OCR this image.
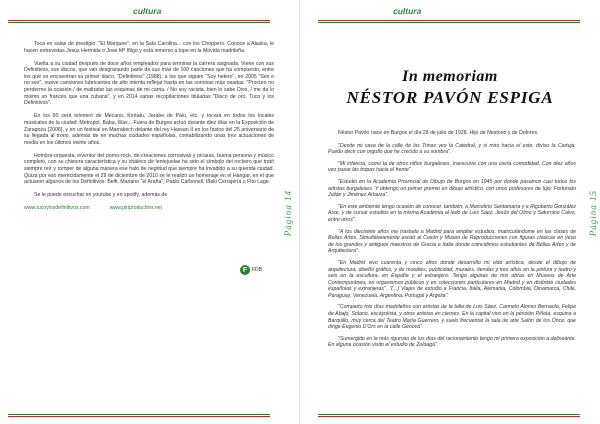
cultura	cultura

Toca en salas de prestigio: "El Marquee", en la Sala Carolina... con los Choppers. Conoce a Alaska, le hacen entrevistas Jesús Hermida o José Mª Iñigo y está inmerso a tope en la Movida madrileña.

Vuelta a su ciudad después de doce años empleados para terminar la carrera asignada. Viene con sus Definitivos, sus discos, que van desgranando parte de sus más de 100 canciones que ha compuesto, entre los que se encuentran su primer disco, "Definitivos" (1988), a los que siguen "Soy hetero", en 2005 "Sex o no sex", nueve canciones lubricantes de alto intenta reflejar hasta en las sonrisas más osadas: "Procuro no perderme la ocasión / de maltratar las esquinas de mi cama. / No soy racista, bien lo sabe Dios, / me da lo mismo un francés que una cubana", y en 2014 varias recopilaciones tituladas "Disco de oro. Tuco y los Definitivos".

En los 90 será teloneró de Mecano, Kortatu, Jarabe de Palo, etc, y tocará en todos los locales musicales de la ciudad: Metropol, Baba, Wax... Fuera de Burgos actuó durante diez días en la Exposición de Zaragoza (2008), y en un festival en Marrakech delante del rey Hassan II en los fastos del 25 aniversario de su llegada al trono, además de en muchas ciudades españolas, contabilizando unas tres actuaciones de media en los últimos veinte años.

Hombre-orquesta, inventor del porno-rock, de creaciones corrosivas y pícaras, buena persona y músico completo, con su chistera característica y su chaleco de lentejuelas ha sido el símbolo del rockero que trató siempre reír y romper de alguna manera ese halo de negritud que siempre ha invadido a su querida ciudad. Quizá por eso merecidamente el 29 de diciembre de 2010 se le realizó un homenaje en el Hangar, en el que actuaron algunos de los Definitivos: Belfi, Mariano "el Araña", Pablo Carbonell, Iñaki Cerrajería o Fito Lage.

Se le puede escuchar en youtube y en spotify, además de

www.tucoylosdefinitivos.com	www.piriproduction.net
F FDB
Página 14
In memoriam
NÉSTOR PAVÓN ESPIGA

Néstor Pavón nace en Burgos el día 28 de julio de 1928. Hijo de Nestorio y de Dolores.

"Desde mi casa de la calle de las Trinas veo la Catedral, y si miro hacia el este, diviso la Cartuja. Puedo decir con orgullo que he crecido a su sombra".

"Mi infancia, como la de otros niños burgaleses, transcurre con una cierta comodidad. Con diez años veo pasar las tropas hacia el frente".

"Estudio en la Academia Provincial de Dibujo de Burgos en 1945 por donde pasamos casi todos los artistas burgaleses. Y obtengo un primer premio en dibujo artístico, con unos profesores de lujo: Fortunato Julián y Jiménez Arbaiza".

"En este ambiente tengo ocasión de conocer, también, a Marcelino Santamaría y a Rigoberto González Arce, y de cursar estudios en la misma Academia al lado de Luis Sáez, Jesús del Olmo y Saturnino Calvo, entre otros".

"A los diecisiete años me traslado a Madrid para ampliar estudios, matriculándome en las clases de Bellas Artes. Simultáneamente asistó al Casón y Museo de Reproducciones con figuras clásicas en yeso de los grandes y antiguos maestros de Grecia e Italia donde coincidimos estudiantes de Bellas Artes y de Arquitectura".

"En Madrid vivo cuarenta y cinco años donde desarrollo mi vida artística, desde el dibujo de arquitectura, diseño gráfico, y de muebles, publicidad, murales, tiendas y tres años en la pintura y teatro y seis en la escultura, en España y el extranjero. Tengo algunas de mis obras en Museos de Arte Contemporáneo, en organismos públicos y en colecciones particulares en Madrid y en distintas ciudades españolas y extranjeras". "(...) Viajes de estudio a Francia, Italia, Alemania, Colombia, Dinamarca, Chile, Paraguay, Venezuela, Argentina, Portugal y Argelia".

"Comparto mis días madrileños con artistas de la talla de Luis Sáez, Carmelo Alonso Bernaola, Felipe de Abajo, Solano, escayolista, y otros artistas en ciernes. En la capital vivo en la pensión Piñeta, esquina a Barquillo, muy cerca del Teatro María Guerrero, y suelo frecuentar la sala de arte Salón de los Once, que dirige Eugenio D'Ors en la calle Génova".

"Sumergido en la más riguroso de los días del racionamiento tengo mi primera exposición a delineante. En alguna ocasión visito el estudio de Zuloaga".

Página 15
